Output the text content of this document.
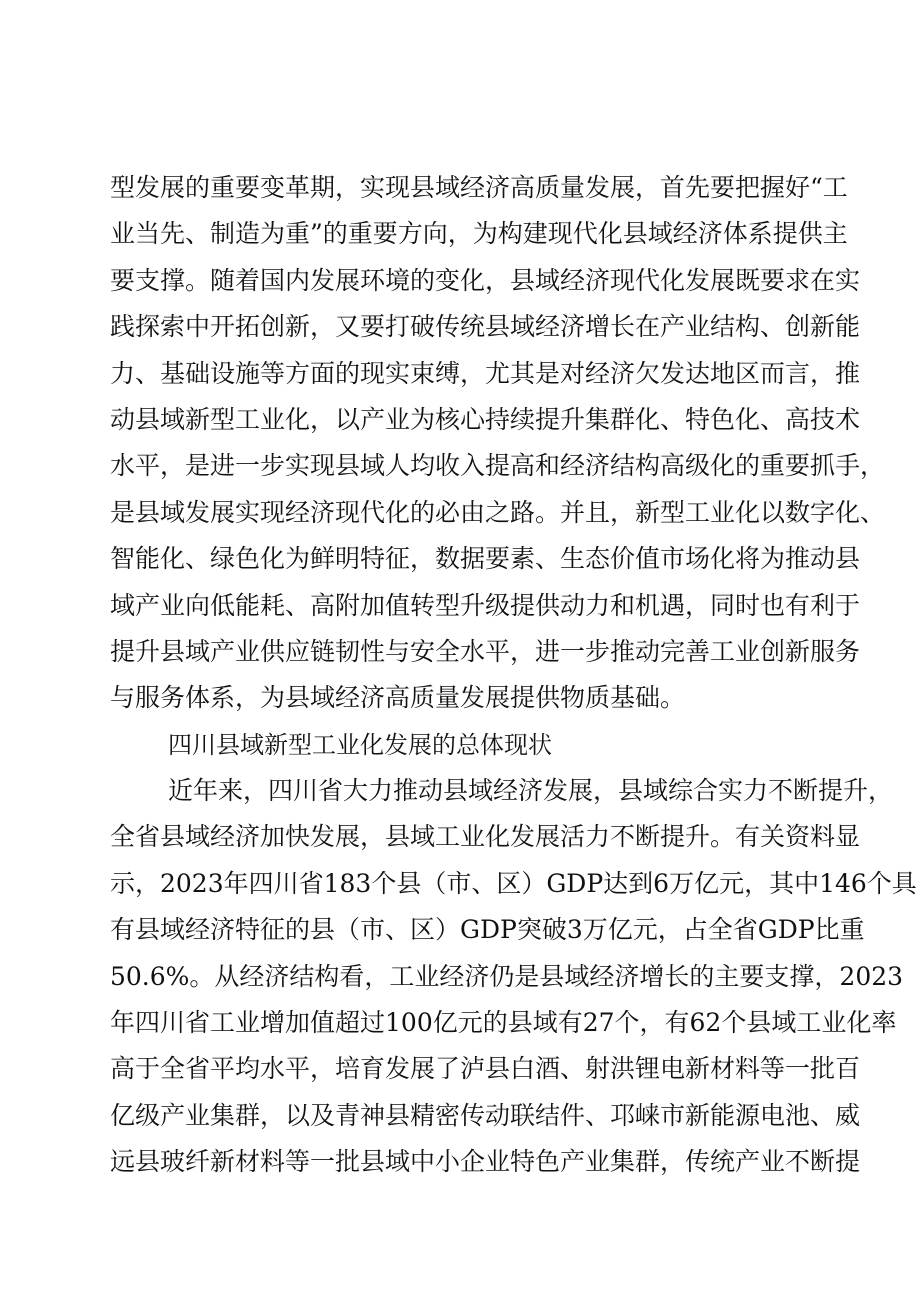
型发展的重要变革期，实现县域经济高质量发展，首先要把握好“工
业当先、制造为重”的重要方向，为构建现代化县域经济体系提供主
要支撑。随着国内发展环境的变化，县域经济现代化发展既要求在实
践探索中开拓创新，又要打破传统县域经济增长在产业结构、创新能
力、基础设施等方面的现实束缚，尤其是对经济欠发达地区而言，推
动县域新型工业化，以产业为核心持续提升集群化、特色化、高技术
水平，是进一步实现县域人均收入提高和经济结构高级化的重要抓手，
是县域发展实现经济现代化的必由之路。并且，新型工业化以数字化、
智能化、绿色化为鲜明特征，数据要素、生态价值市场化将为推动县
域产业向低能耗、高附加值转型升级提供动力和机遇，同时也有利于
提升县域产业供应链韧性与安全水平，进一步推动完善工业创新服务
与服务体系，为县域经济高质量发展提供物质基础。
四川县域新型工业化发展的总体现状
近年来，四川省大力推动县域经济发展，县域综合实力不断提升，
全省县域经济加快发展，县域工业化发展活力不断提升。有关资料显
示，2023年四川省183个县（市、区）GDP达到6万亿元，其中146个具
有县域经济特征的县（市、区）GDP突破3万亿元，占全省GDP比重
50.6%。从经济结构看，工业经济仍是县域经济增长的主要支撑，2023
年四川省工业增加值超过100亿元的县域有27个，有62个县域工业化率
高于全省平均水平，培育发展了泸县白酒、射洪锂电新材料等一批百
亿级产业集群，以及青神县精密传动联结件、邛崃市新能源电池、威
远县玻纤新材料等一批县域中小企业特色产业集群，传统产业不断提
